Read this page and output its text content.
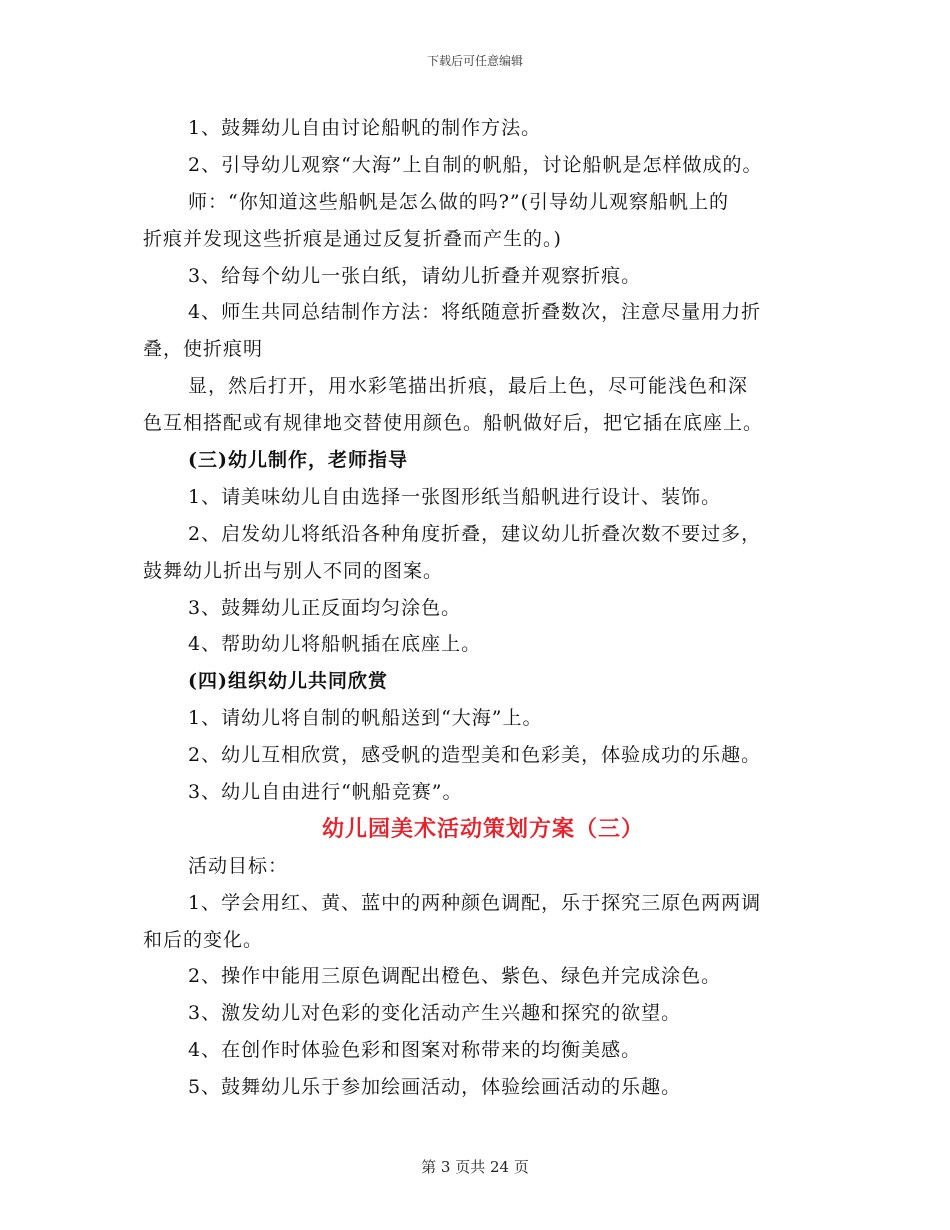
下载后可任意编辑
1、鼓舞幼儿自由讨论船帆的制作方法。
2、引导幼儿观察“大海”上自制的帆船，讨论船帆是怎样做成的。
师：“你知道这些船帆是怎么做的吗?”(引导幼儿观察船帆上的
折痕并发现这些折痕是通过反复折叠而产生的。)
3、给每个幼儿一张白纸，请幼儿折叠并观察折痕。
4、师生共同总结制作方法：将纸随意折叠数次，注意尽量用力折
叠，使折痕明
显，然后打开，用水彩笔描出折痕，最后上色，尽可能浅色和深
色互相搭配或有规律地交替使用颜色。船帆做好后，把它插在底座上。
(三)幼儿制作，老师指导
1、请美味幼儿自由选择一张图形纸当船帆进行设计、装饰。
2、启发幼儿将纸沿各种角度折叠，建议幼儿折叠次数不要过多，
鼓舞幼儿折出与别人不同的图案。
3、鼓舞幼儿正反面均匀涂色。
4、帮助幼儿将船帆插在底座上。
(四)组织幼儿共同欣赏
1、请幼儿将自制的帆船送到“大海”上。
2、幼儿互相欣赏，感受帆的造型美和色彩美，体验成功的乐趣。
3、幼儿自由进行“帆船竞赛”。
幼儿园美术活动策划方案（三）
活动目标：
1、学会用红、黄、蓝中的两种颜色调配，乐于探究三原色两两调
和后的变化。
2、操作中能用三原色调配出橙色、紫色、绿色并完成涂色。
3、激发幼儿对色彩的变化活动产生兴趣和探究的欲望。
4、在创作时体验色彩和图案对称带来的均衡美感。
5、鼓舞幼儿乐于参加绘画活动，体验绘画活动的乐趣。
第 3 页共 24 页
